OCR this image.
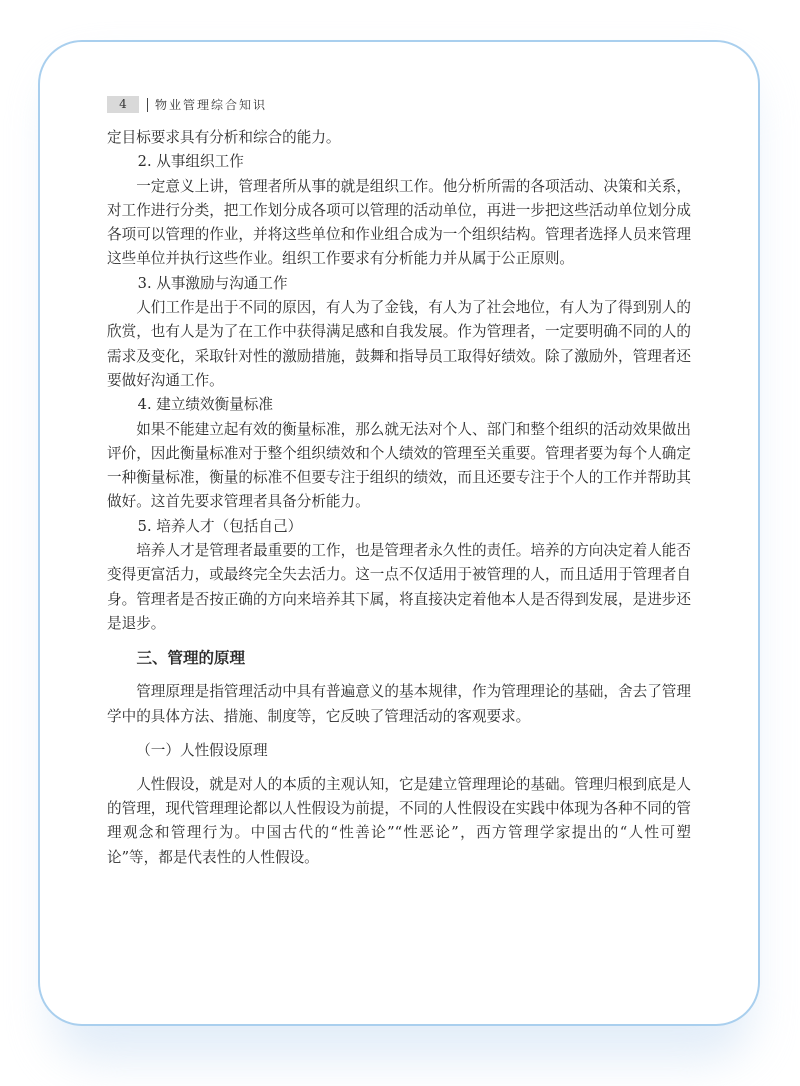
4	物业管理综合知识

定目标要求具有分析和综合的能力。

2. 从事组织工作

一定意义上讲，管理者所从事的就是组织工作。他分析所需的各项活动、决策和关系，对工作进行分类，把工作划分成各项可以管理的活动单位，再进一步把这些活动单位划分成各项可以管理的作业，并将这些单位和作业组合成为一个组织结构。管理者选择人员来管理这些单位并执行这些作业。组织工作要求有分析能力并从属于公正原则。

3. 从事激励与沟通工作

人们工作是出于不同的原因，有人为了金钱，有人为了社会地位，有人为了得到别人的欣赏，也有人是为了在工作中获得满足感和自我发展。作为管理者，一定要明确不同的人的需求及变化，采取针对性的激励措施，鼓舞和指导员工取得好绩效。除了激励外，管理者还要做好沟通工作。

4. 建立绩效衡量标准

如果不能建立起有效的衡量标准，那么就无法对个人、部门和整个组织的活动效果做出评价，因此衡量标准对于整个组织绩效和个人绩效的管理至关重要。管理者要为每个人确定一种衡量标准，衡量的标准不但要专注于组织的绩效，而且还要专注于个人的工作并帮助其做好。这首先要求管理者具备分析能力。

5. 培养人才（包括自己）

培养人才是管理者最重要的工作，也是管理者永久性的责任。培养的方向决定着人能否变得更富活力，或最终完全失去活力。这一点不仅适用于被管理的人，而且适用于管理者自身。管理者是否按正确的方向来培养其下属，将直接决定着他本人是否得到发展，是进步还是退步。

三、管理的原理

管理原理是指管理活动中具有普遍意义的基本规律，作为管理理论的基础，舍去了管理学中的具体方法、措施、制度等，它反映了管理活动的客观要求。

（一）人性假设原理

人性假设，就是对人的本质的主观认知，它是建立管理理论的基础。管理归根到底是人的管理，现代管理理论都以人性假设为前提，不同的人性假设在实践中体现为各种不同的管理观念和管理行为。中国古代的“性善论”“性恶论”，西方管理学家提出的“人性可塑论”等，都是代表性的人性假设。
